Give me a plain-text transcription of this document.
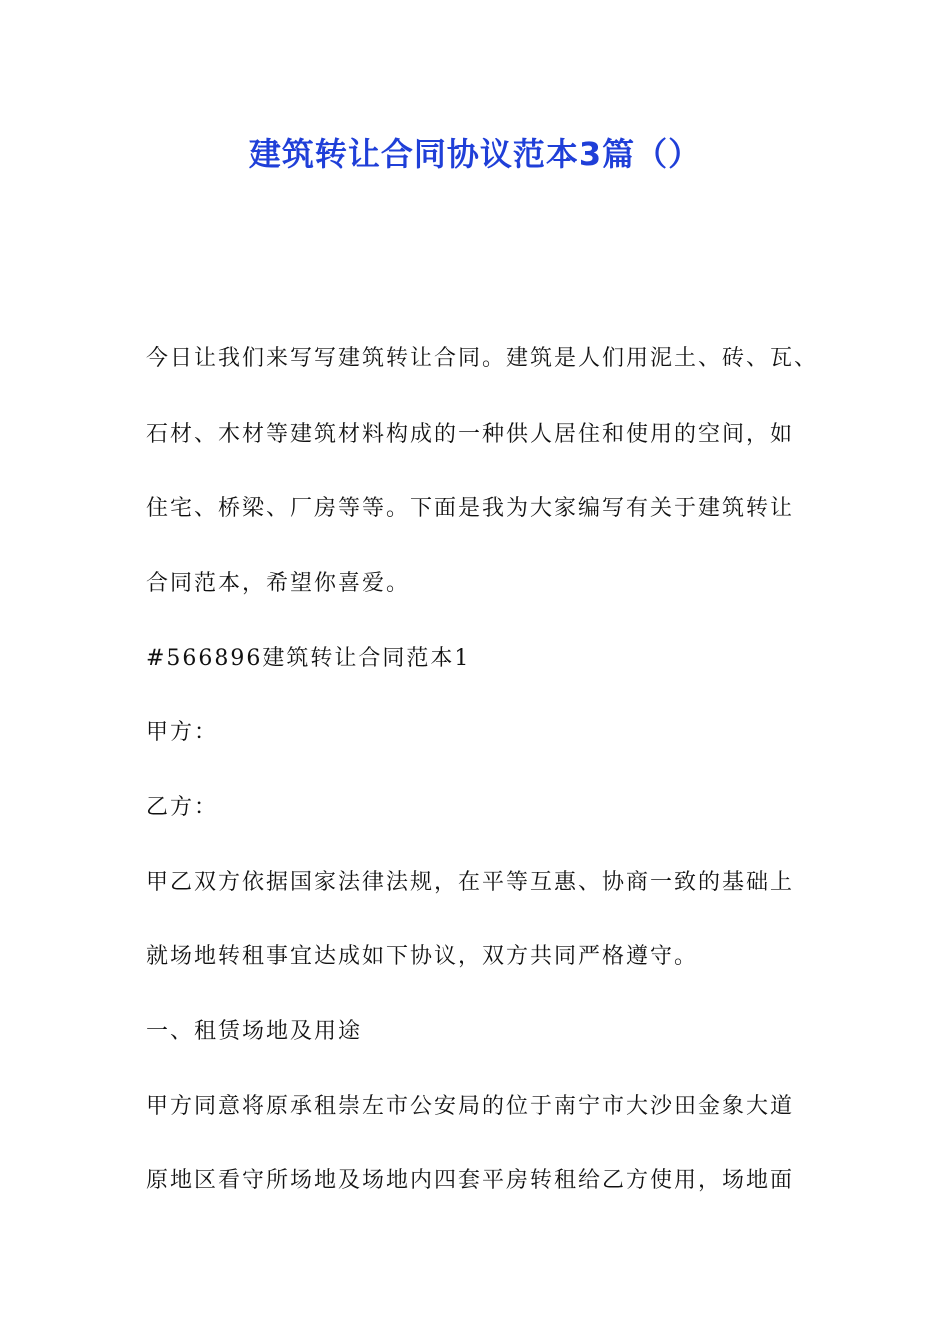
建筑转让合同协议范本3篇（）
今日让我们来写写建筑转让合同。建筑是人们用泥土、砖、瓦、
石材、木材等建筑材料构成的一种供人居住和使用的空间，如
住宅、桥梁、厂房等等。下面是我为大家编写有关于建筑转让
合同范本，希望你喜爱。
#566896建筑转让合同范本1
甲方：
乙方：
甲乙双方依据国家法律法规，在平等互惠、协商一致的基础上
就场地转租事宜达成如下协议，双方共同严格遵守。
一、租赁场地及用途
甲方同意将原承租崇左市公安局的位于南宁市大沙田金象大道
原地区看守所场地及场地内四套平房转租给乙方使用，场地面
